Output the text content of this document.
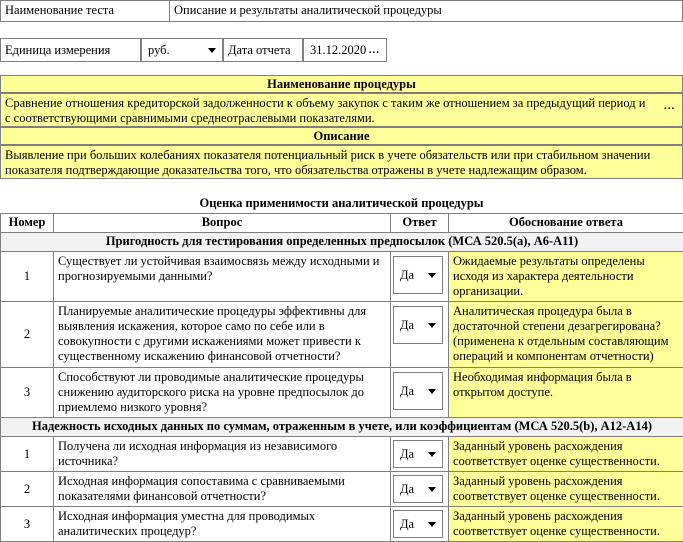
Наименование теста	Описание и результаты аналитической процедуры
Единица измерения	руб.	Дата отчета	31.12.2020 ...
Наименование процедуры
Сравнение отношения кредиторской задолженности к объему закупок с таким же отношением за предыдущий период и с соответствующими сравнимыми среднеотраслевыми показателями.
...
Описание
Выявление при больших колебаниях показателя потенциальный риск в учете обязательств или при стабильном значении показателя подтверждающие доказательства того, что обязательства отражены в учете надлежащим образом.
Оценка применимости аналитической процедуры
Номер	Вопрос	Ответ	Обоснование ответа
Пригодность для тестирования определенных предпосылок (МСА 520.5(а), А6-А11)			
1	Существует ли устойчивая взаимосвязь между исходными и прогнозируемыми данными?	Да	Ожидаемые результаты определены исходя из характера деятельности организации.
2	Планируемые аналитические процедуры эффективны для выявления искажения, которое само по себе или в совокупности с другими искажениями может привести к существенному искажению финансовой отчетности?	Да	Аналитическая процедура была в достаточной степени дезагрегирована? (применена к отдельным составляющим операций и компонентам отчетности)
3	Способствуют ли проводимые аналитические процедуры снижению аудиторского риска на уровне предпосылок до приемлемо низкого уровня?	Да	Необходимая информация была в открытом доступе.
Надежность исходных данных по суммам, отраженным в учете, или коэффициентам (МСА 520.5(b), А12-А14)			
1	Получена ли исходная информация из независимого источника?	Да	Заданный уровень расхождения соответствует оценке существенности.
2	Исходная информация сопоставима с сравниваемыми показателями финансовой отчетности?	Да	Заданный уровень расхождения соответствует оценке существенности.
3	Исходная информация уместна для проводимых аналитических процедур?	Да	Заданный уровень расхождения соответствует оценке существенности.
